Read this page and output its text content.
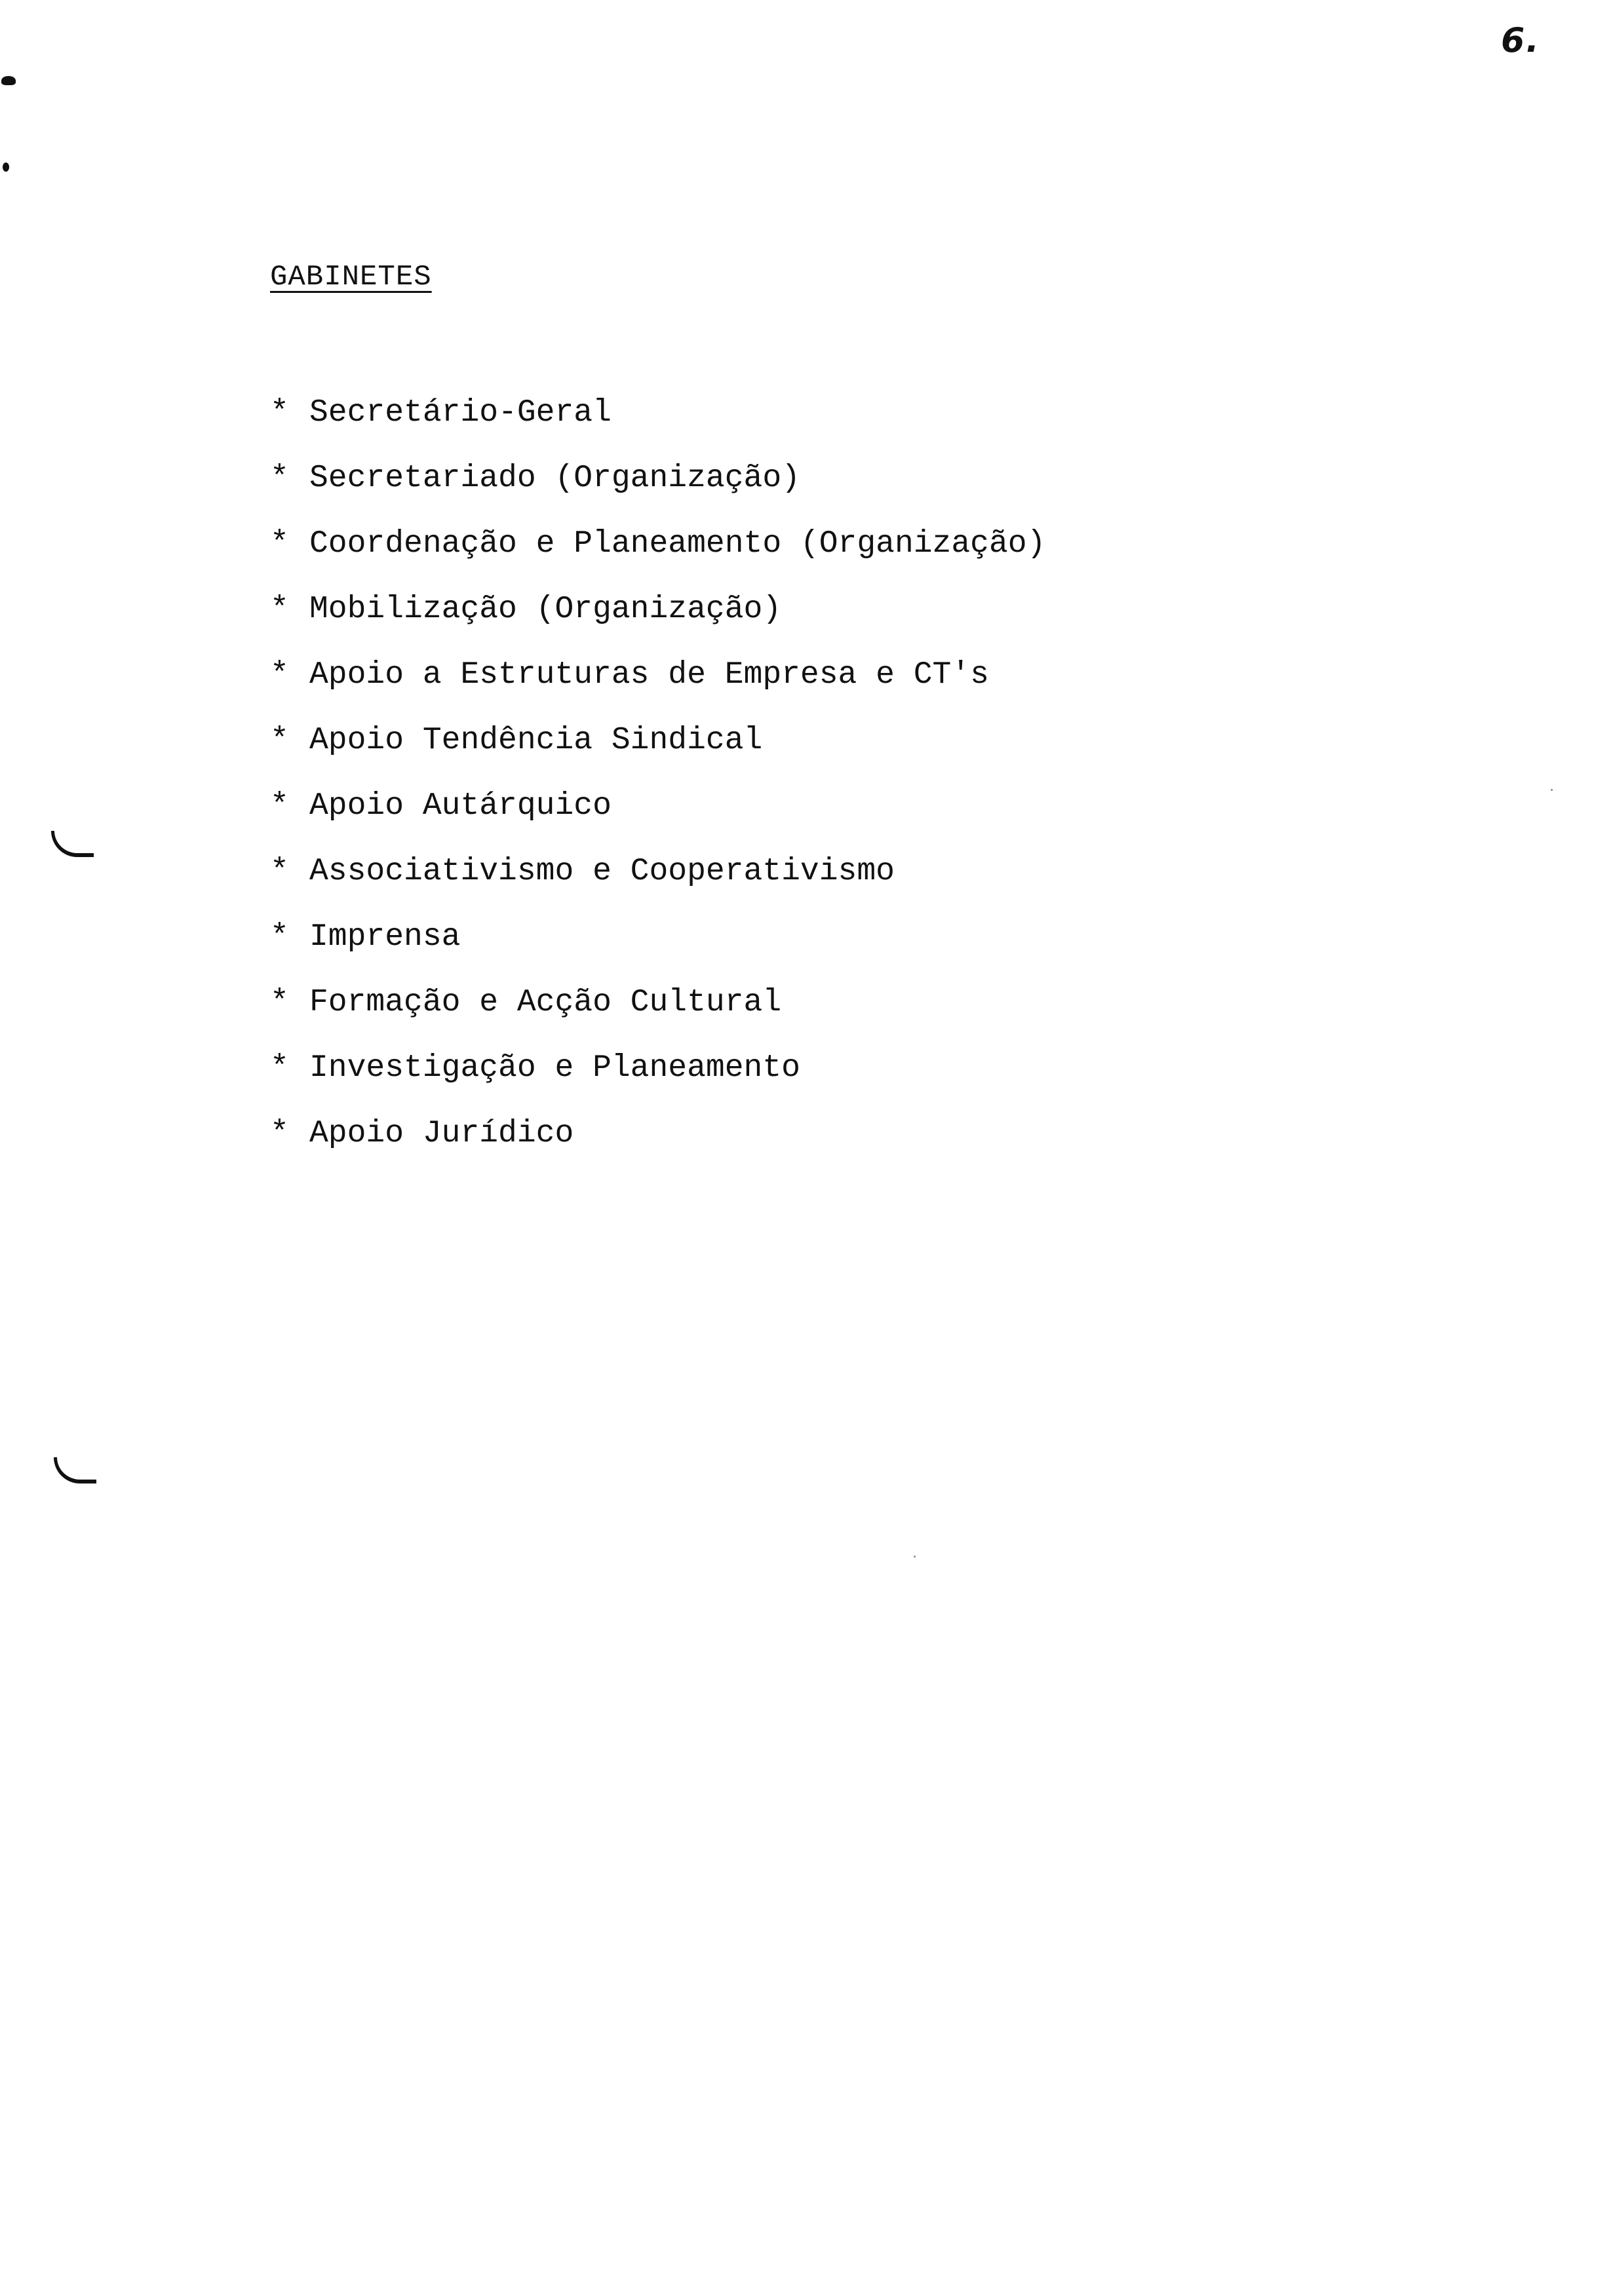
6.
GABINETES
* Secretário-Geral
* Secretariado (Organização)
* Coordenação e Planeamento (Organização)
* Mobilização (Organização)
* Apoio a Estruturas de Empresa e CT's
* Apoio Tendência Sindical
* Apoio Autárquico
* Associativismo e Cooperativismo
* Imprensa
* Formação e Acção Cultural
* Investigação e Planeamento
* Apoio Jurídico
